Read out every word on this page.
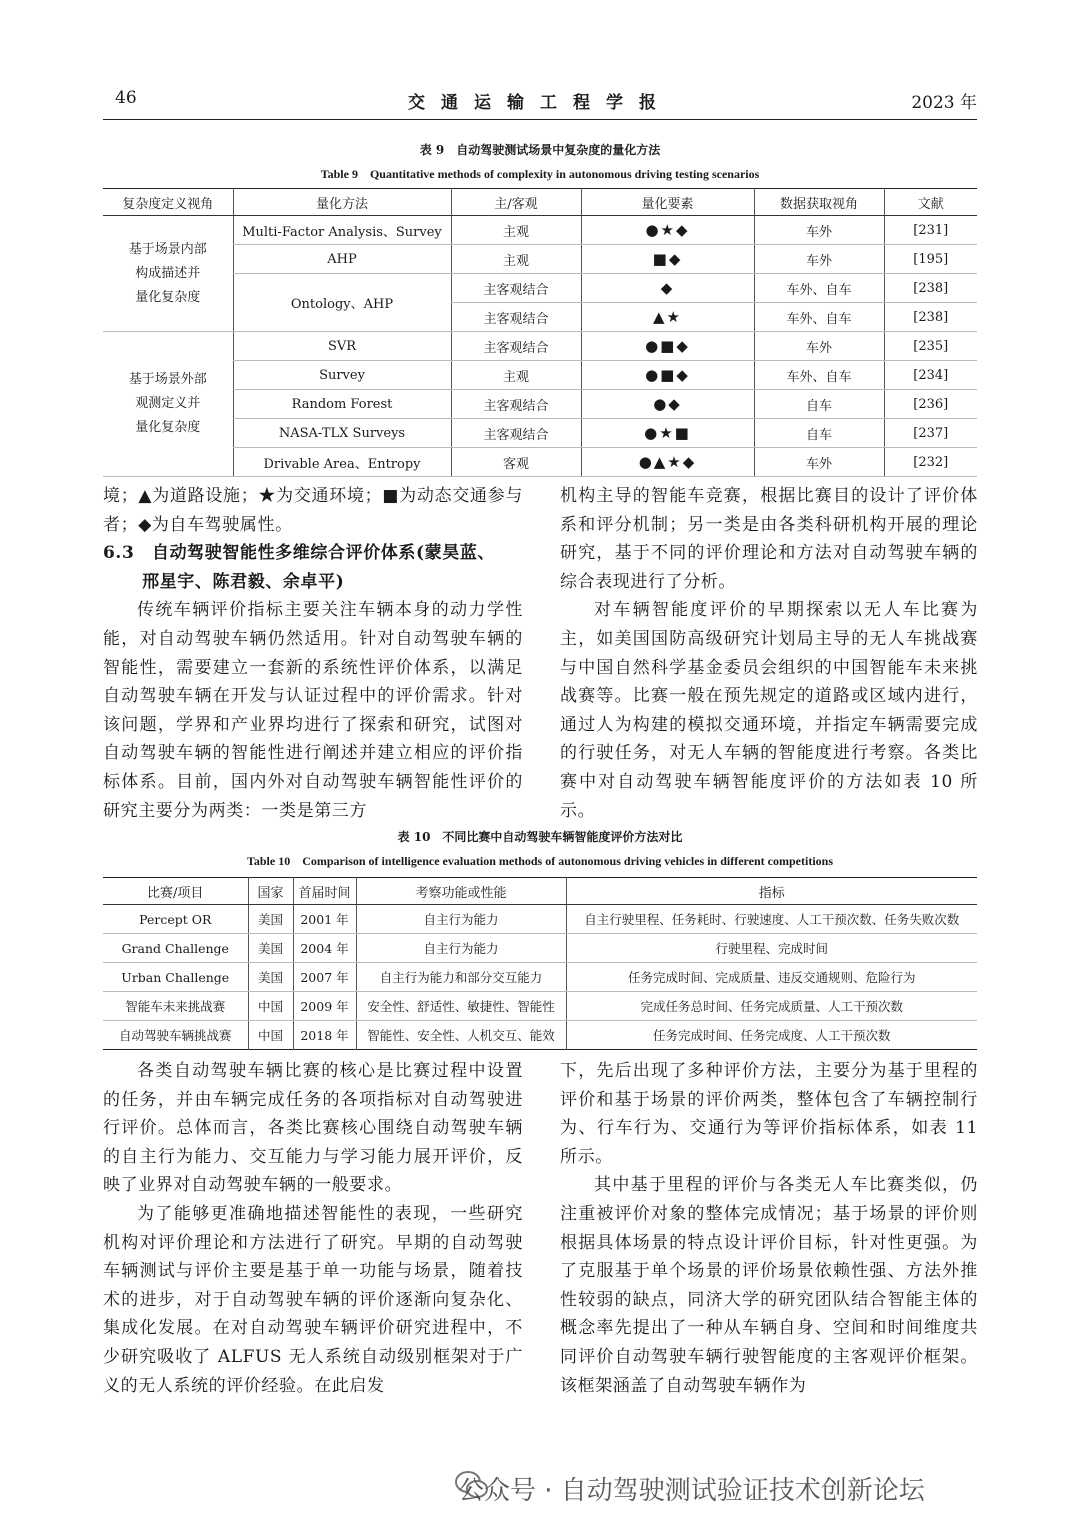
46	交通运输工程学报	2023 年
表 9　自动驾驶测试场景中复杂度的量化方法
Table 9　Quantitative methods of complexity in autonomous driving testing scenarios
复杂度定义视角	量化方法	主/客观	量化要素	数据获取视角	文献
基于场景内部
构成描述并
量化复杂度	Multi-Factor Analysis、Survey	主观	●★◆	车外	[231]
	AHP	主观	■◆	车外	[195]
	Ontology、AHP	主客观结合	◆	车外、自车	[238]
		主客观结合	▲★	车外、自车	[238]
基于场景外部
观测定义并
量化复杂度	SVR	主客观结合	●■◆	车外	[235]
	Survey	主观	●■◆	车外、自车	[234]
	Random Forest	主客观结合	●◆	自车	[236]
	NASA-TLX Surveys	主客观结合	●★■	自车	[237]
	Drivable Area、Entropy	客观	●▲★◆	车外	[232]

境；▲为道路设施；★为交通环境；■为动态交通参与者；◆为自车驾驶属性。

6.3　自动驾驶智能性多维综合评价体系(蒙昊蓝、

邢星宇、陈君毅、余卓平)

传统车辆评价指标主要关注车辆本身的动力学性能，对自动驾驶车辆仍然适用。针对自动驾驶车辆的智能性，需要建立一套新的系统性评价体系，以满足自动驾驶车辆在开发与认证过程中的评价需求。针对该问题，学界和产业界均进行了探索和研究，试图对自动驾驶车辆的智能性进行阐述并建立相应的评价指标体系。目前，国内外对自动驾驶车辆智能性评价的研究主要分为两类：一类是第三方

机构主导的智能车竞赛，根据比赛目的设计了评价体系和评分机制；另一类是由各类科研机构开展的理论研究，基于不同的评价理论和方法对自动驾驶车辆的综合表现进行了分析。

对车辆智能度评价的早期探索以无人车比赛为主，如美国国防高级研究计划局主导的无人车挑战赛与中国自然科学基金委员会组织的中国智能车未来挑战赛等。比赛一般在预先规定的道路或区域内进行，通过人为构建的模拟交通环境，并指定车辆需要完成的行驶任务，对无人车辆的智能度进行考察。各类比赛中对自动驾驶车辆智能度评价的方法如表 10 所示。

表 10　不同比赛中自动驾驶车辆智能度评价方法对比
Table 10　Comparison of intelligence evaluation methods of autonomous driving vehicles in different competitions
比赛/项目	国家	首届时间	考察功能或性能	指标
Percept OR	美国	2001 年	自主行为能力	自主行驶里程、任务耗时、行驶速度、人工干预次数、任务失败次数
Grand Challenge	美国	2004 年	自主行为能力	行驶里程、完成时间
Urban Challenge	美国	2007 年	自主行为能力和部分交互能力	任务完成时间、完成质量、违反交通规则、危险行为
智能车未来挑战赛	中国	2009 年	安全性、舒适性、敏捷性、智能性	完成任务总时间、任务完成质量、人工干预次数
自动驾驶车辆挑战赛	中国	2018 年	智能性、安全性、人机交互、能效	任务完成时间、任务完成度、人工干预次数

各类自动驾驶车辆比赛的核心是比赛过程中设置的任务，并由车辆完成任务的各项指标对自动驾驶进行评价。总体而言，各类比赛核心围绕自动驾驶车辆的自主行为能力、交互能力与学习能力展开评价，反映了业界对自动驾驶车辆的一般要求。

为了能够更准确地描述智能性的表现，一些研究机构对评价理论和方法进行了研究。早期的自动驾驶车辆测试与评价主要是基于单一功能与场景，随着技术的进步，对于自动驾驶车辆的评价逐渐向复杂化、集成化发展。在对自动驾驶车辆评价研究进程中，不少研究吸收了 ALFUS 无人系统自动级别框架对于广义的无人系统的评价经验。在此启发

下，先后出现了多种评价方法，主要分为基于里程的评价和基于场景的评价两类，整体包含了车辆控制行为、行车行为、交通行为等评价指标体系，如表 11 所示。

其中基于里程的评价与各类无人车比赛类似，仍注重被评价对象的整体完成情况；基于场景的评价则根据具体场景的特点设计评价目标，针对性更强。为了克服基于单个场景的评价场景依赖性强、方法外推性较弱的缺点，同济大学的研究团队结合智能主体的概念率先提出了一种从车辆自身、空间和时间维度共同评价自动驾驶车辆行驶智能度的主客观评价框架。该框架涵盖了自动驾驶车辆作为

公众号 · 自动驾驶测试验证技术创新论坛
